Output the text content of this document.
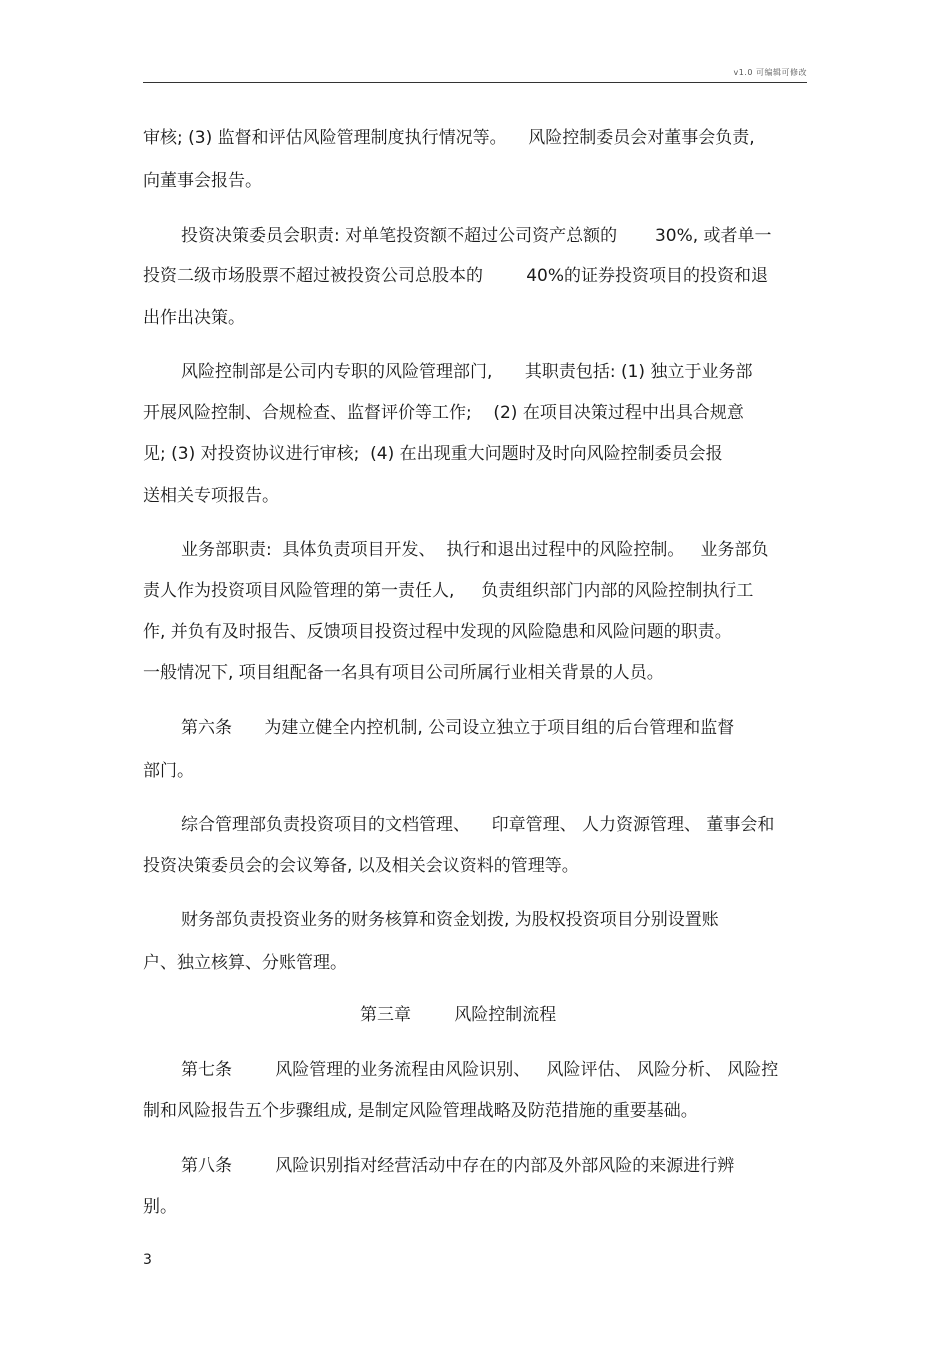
v1.0 可编辑可修改
审核; (3) 监督和评估风险管理制度执行情况等。    风险控制委员会对董事会负责,
向董事会报告。
投资决策委员会职责: 对单笔投资额不超过公司资产总额的       30%, 或者单一
投资二级市场股票不超过被投资公司总股本的        40%的证券投资项目的投资和退
出作出决策。
风险控制部是公司内专职的风险管理部门,      其职责包括: (1) 独立于业务部
开展风险控制、合规检查、监督评价等工作;    (2) 在项目决策过程中出具合规意
见; (3) 对投资协议进行审核;  (4) 在出现重大问题时及时向风险控制委员会报
送相关专项报告。
业务部职责:  具体负责项目开发、  执行和退出过程中的风险控制。   业务部负
责人作为投资项目风险管理的第一责任人,     负责组织部门内部的风险控制执行工
作, 并负有及时报告、反馈项目投资过程中发现的风险隐患和风险问题的职责。
一般情况下, 项目组配备一名具有项目公司所属行业相关背景的人员。
第六条      为建立健全内控机制, 公司设立独立于项目组的后台管理和监督
部门。
综合管理部负责投资项目的文档管理、    印章管理、 人力资源管理、 董事会和
投资决策委员会的会议筹备, 以及相关会议资料的管理等。
财务部负责投资业务的财务核算和资金划拨, 为股权投资项目分别设置账
户、独立核算、分账管理。
第三章        风险控制流程
第七条        风险管理的业务流程由风险识别、   风险评估、 风险分析、 风险控
制和风险报告五个步骤组成, 是制定风险管理战略及防范措施的重要基础。
第八条        风险识别指对经营活动中存在的内部及外部风险的来源进行辨
别。
3
